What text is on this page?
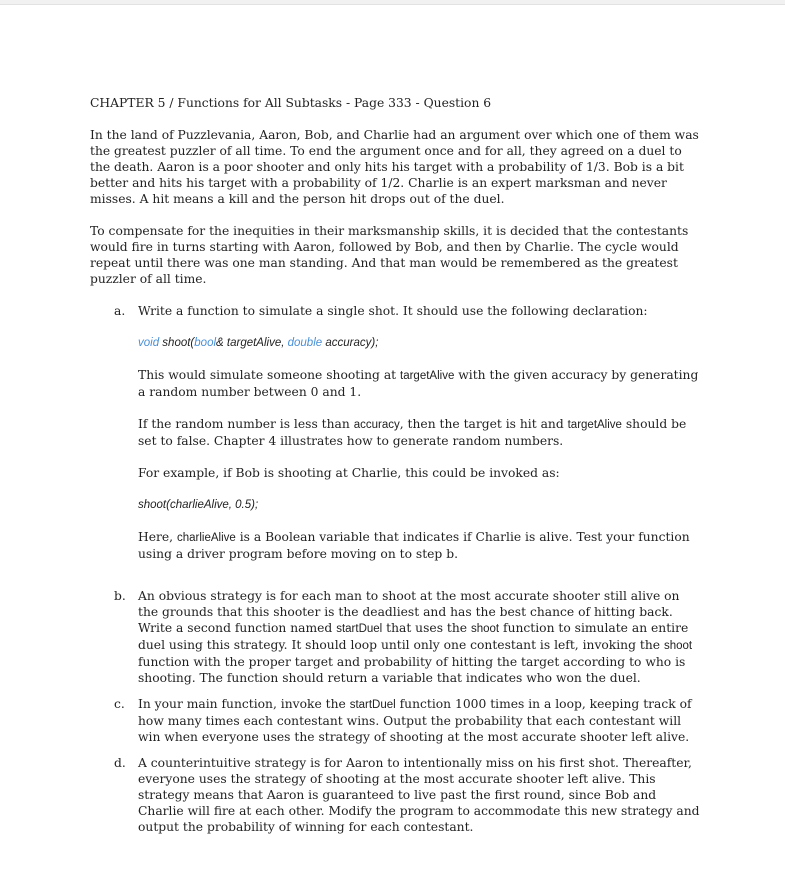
CHAPTER 5 / Functions for All Subtasks - Page 333 - Question 6

In the land of Puzzlevania, Aaron, Bob, and Charlie had an argument over which one of them was the greatest puzzler of all time. To end the argument once and for all, they agreed on a duel to the death. Aaron is a poor shooter and only hits his target with a probability of 1/3. Bob is a bit better and hits his target with a probability of 1/2. Charlie is an expert marksman and never misses. A hit means a kill and the person hit drops out of the duel.

To compensate for the inequities in their marksmanship skills, it is decided that the contestants would fire in turns starting with Aaron, followed by Bob, and then by Charlie. The cycle would repeat until there was one man standing. And that man would be remembered as the greatest puzzler of all time.

a. Write a function to simulate a single shot. It should use the following declaration:

void shoot(bool& targetAlive, double accuracy);

This would simulate someone shooting at targetAlive with the given accuracy by generating a random number between 0 and 1.

If the random number is less than accuracy, then the target is hit and targetAlive should be set to false. Chapter 4 illustrates how to generate random numbers.

For example, if Bob is shooting at Charlie, this could be invoked as:

shoot(charlieAlive, 0.5);

Here, charlieAlive is a Boolean variable that indicates if Charlie is alive. Test your function using a driver program before moving on to step b.

b. An obvious strategy is for each man to shoot at the most accurate shooter still alive on the grounds that this shooter is the deadliest and has the best chance of hitting back. Write a second function named startDuel that uses the shoot function to simulate an entire duel using this strategy. It should loop until only one contestant is left, invoking the shoot function with the proper target and probability of hitting the target according to who is shooting. The function should return a variable that indicates who won the duel.

c. In your main function, invoke the startDuel function 1000 times in a loop, keeping track of how many times each contestant wins. Output the probability that each contestant will win when everyone uses the strategy of shooting at the most accurate shooter left alive.

d. A counterintuitive strategy is for Aaron to intentionally miss on his first shot. Thereafter, everyone uses the strategy of shooting at the most accurate shooter left alive. This strategy means that Aaron is guaranteed to live past the first round, since Bob and Charlie will fire at each other. Modify the program to accommodate this new strategy and output the probability of winning for each contestant.
